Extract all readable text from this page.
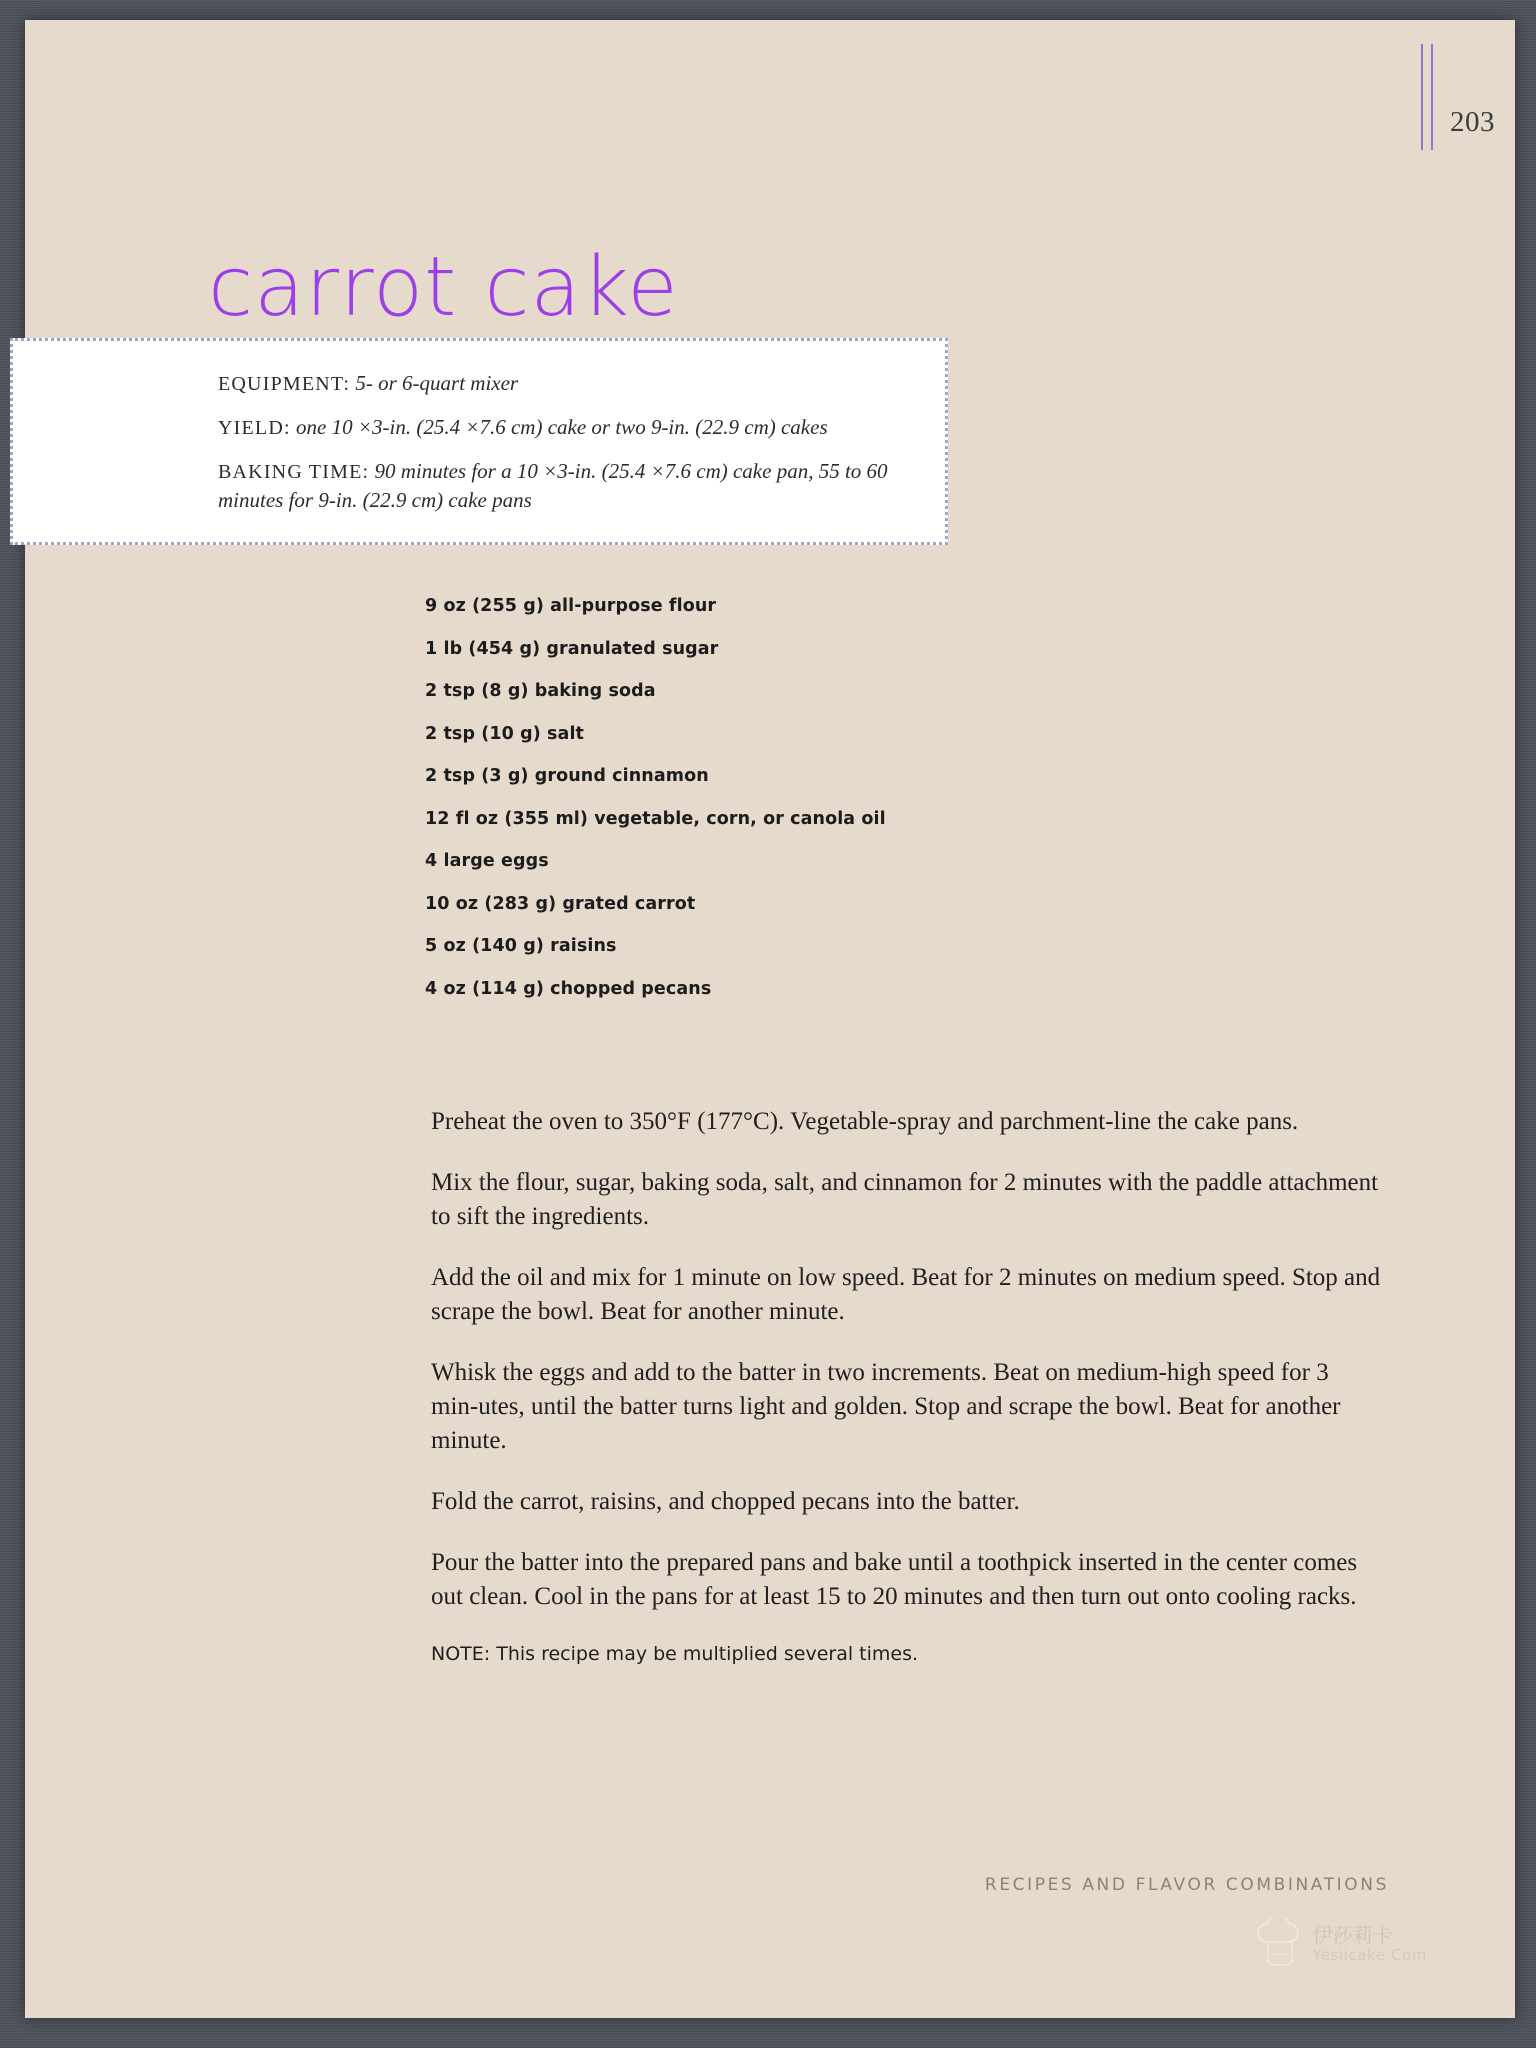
203
carrot cake

EQUIPMENT: 5- or 6-quart mixer

YIELD: one 10 ×3-in. (25.4 ×7.6 cm) cake or two 9-in. (22.9 cm) cakes

BAKING TIME: 90 minutes for a 10 ×3-in. (25.4 ×7.6 cm) cake pan, 55 to 60 minutes for 9-in. (22.9 cm) cake pans

9 oz (255 g) all-purpose flour
1 lb (454 g) granulated sugar
2 tsp (8 g) baking soda
2 tsp (10 g) salt
2 tsp (3 g) ground cinnamon
12 fl oz (355 ml) vegetable, corn, or canola oil
4 large eggs
10 oz (283 g) grated carrot
5 oz (140 g) raisins
4 oz (114 g) chopped pecans

Preheat the oven to 350°F (177°C). Vegetable-spray and parchment-line the cake pans.

Mix the flour, sugar, baking soda, salt, and cinnamon for 2 minutes with the paddle attachment to sift the ingredients.

Add the oil and mix for 1 minute on low speed. Beat for 2 minutes on medium speed. Stop and scrape the bowl. Beat for another minute.

Whisk the eggs and add to the batter in two increments. Beat on medium-high speed for 3 min-utes, until the batter turns light and golden. Stop and scrape the bowl. Beat for another minute.

Fold the carrot, raisins, and chopped pecans into the batter.

Pour the batter into the prepared pans and bake until a toothpick inserted in the center comes out clean. Cool in the pans for at least 15 to 20 minutes and then turn out onto cooling racks.

NOTE: This recipe may be multiplied several times.

RECIPES AND FLAVOR COMBINATIONS
伊莎莉卡
Yesiicake Com
